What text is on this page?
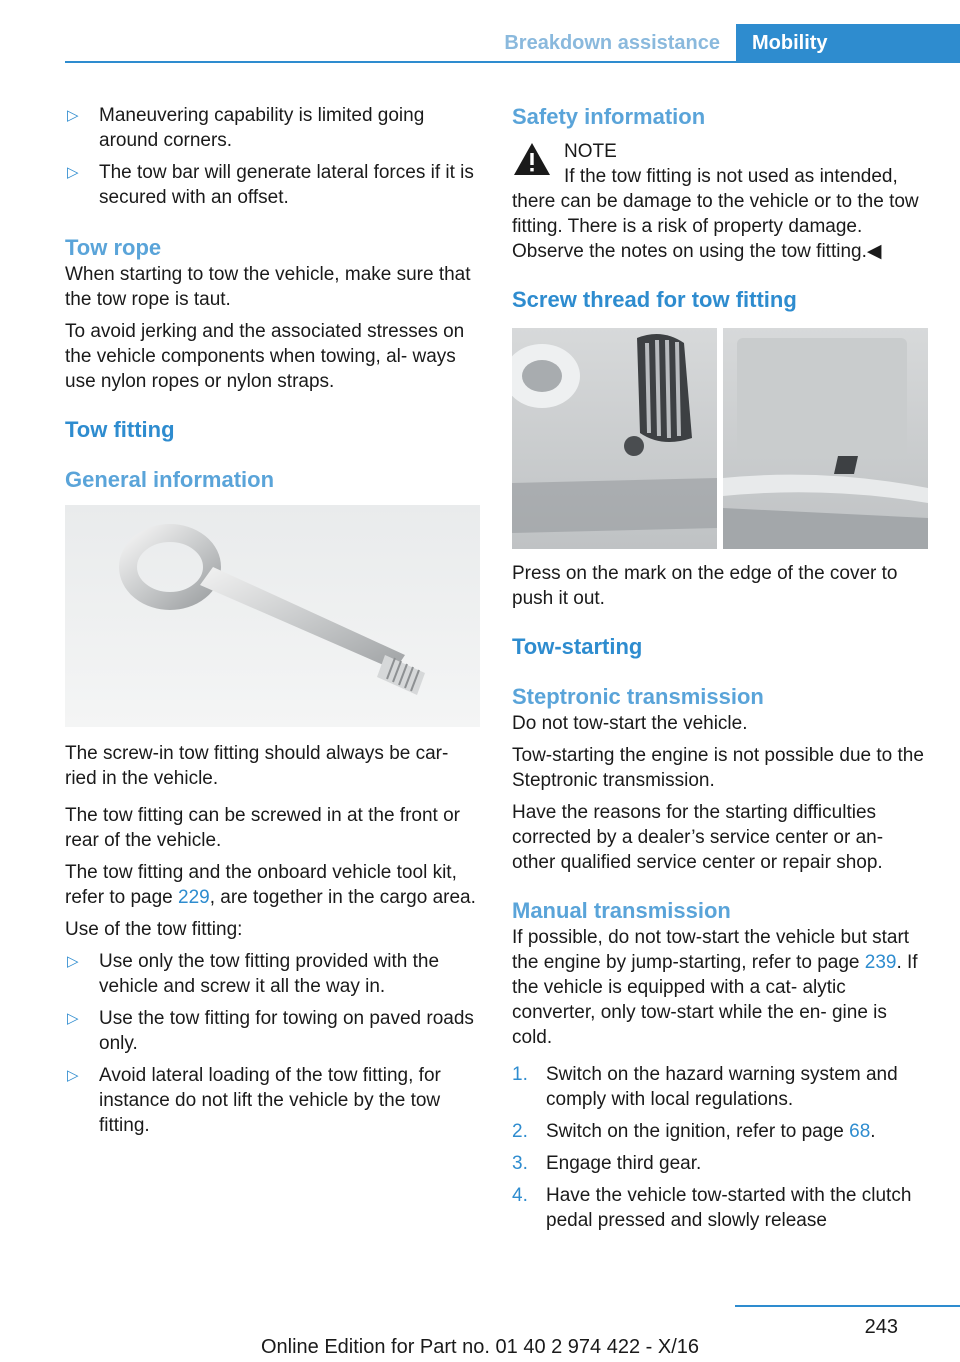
Breakdown assistance	Mobility
▷ Maneuvering capability is limited going around corners.
▷ The tow bar will generate lateral forces if it is secured with an offset.
Tow rope

When starting to tow the vehicle, make sure that the tow rope is taut.

To avoid jerking and the associated stresses on the vehicle components when towing, al‐ ways use nylon ropes or nylon straps.

Tow fitting
General information

The screw-in tow fitting should always be car‐ ried in the vehicle.

The tow fitting can be screwed in at the front or rear of the vehicle.

The tow fitting and the onboard vehicle tool kit, refer to page 229, are together in the cargo area.

Use of the tow fitting:

▷ Use only the tow fitting provided with the vehicle and screw it all the way in.
▷ Use the tow fitting for towing on paved roads only.
▷ Avoid lateral loading of the tow fitting, for instance do not lift the vehicle by the tow fitting.
Safety information

NOTE

If the tow fitting is not used as intended, there can be damage to the vehicle or to the tow fitting. There is a risk of property damage. Observe the notes on using the tow fitting.◀

Screw thread for tow fitting

Press on the mark on the edge of the cover to push it out.

Tow-starting
Steptronic transmission

Do not tow-start the vehicle.

Tow-starting the engine is not possible due to the Steptronic transmission.

Have the reasons for the starting difficulties corrected by a dealer’s service center or an‐ other qualified service center or repair shop.

Manual transmission

If possible, do not tow-start the vehicle but start the engine by jump-starting, refer to page 239. If the vehicle is equipped with a cat‐ alytic converter, only tow-start while the en‐ gine is cold.

1. Switch on the hazard warning system and comply with local regulations.
2. Switch on the ignition, refer to page 68.
3. Engage third gear.
4. Have the vehicle tow-started with the clutch pedal pressed and slowly release
243
Online Edition for Part no. 01 40 2 974 422 - X/16
